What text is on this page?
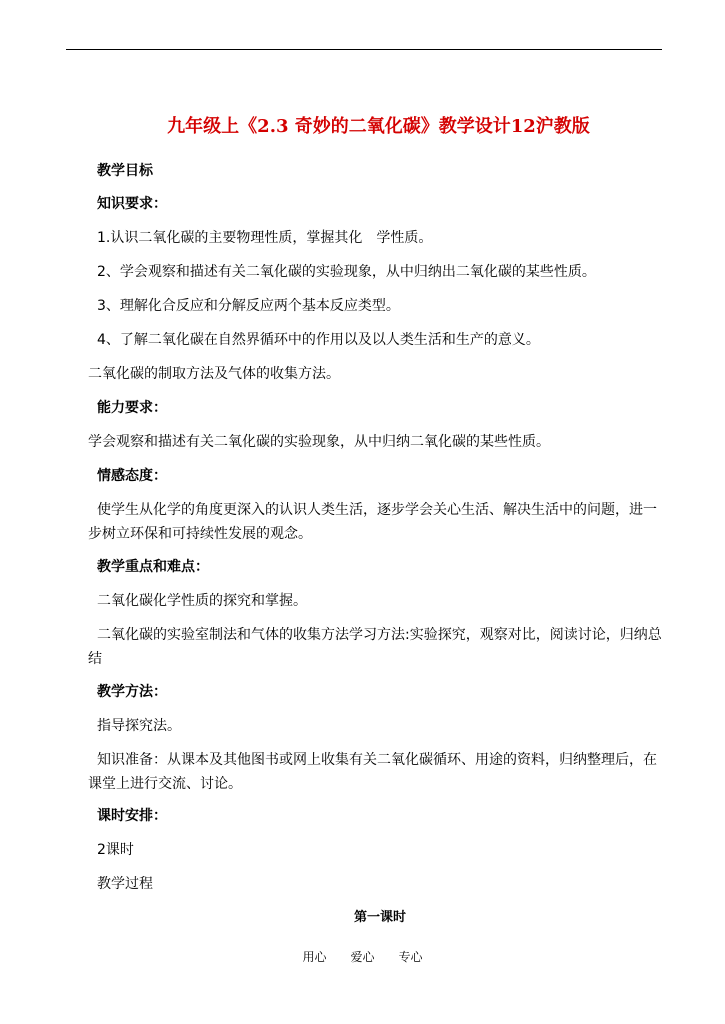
九年级上《2.3 奇妙的二氧化碳》教学设计12沪教版
教学目标
知识要求：
1.认识二氧化碳的主要物理性质，掌握其化　学性质。
2、学会观察和描述有关二氧化碳的实验现象，从中归纳出二氧化碳的某些性质。
3、理解化合反应和分解反应两个基本反应类型。
4、了解二氧化碳在自然界循环中的作用以及以人类生活和生产的意义。
二氧化碳的制取方法及气体的收集方法。
能力要求：
学会观察和描述有关二氧化碳的实验现象，从中归纳二氧化碳的某些性质。
情感态度：
使学生从化学的角度更深入的认识人类生活，逐步学会关心生活、解决生活中的问题，进一步树立环保和可持续性发展的观念。
教学重点和难点：
二氧化碳化学性质的探究和掌握。
二氧化碳的实验室制法和气体的收集方法学习方法:实验探究，观察对比，阅读讨论，归纳总结
教学方法：
指导探究法。
知识准备：从课本及其他图书或网上收集有关二氧化碳循环、用途的资料，归纳整理后，在课堂上进行交流、讨论。
课时安排：
2课时
教学过程
第一课时
用心　　爱心　　专心
